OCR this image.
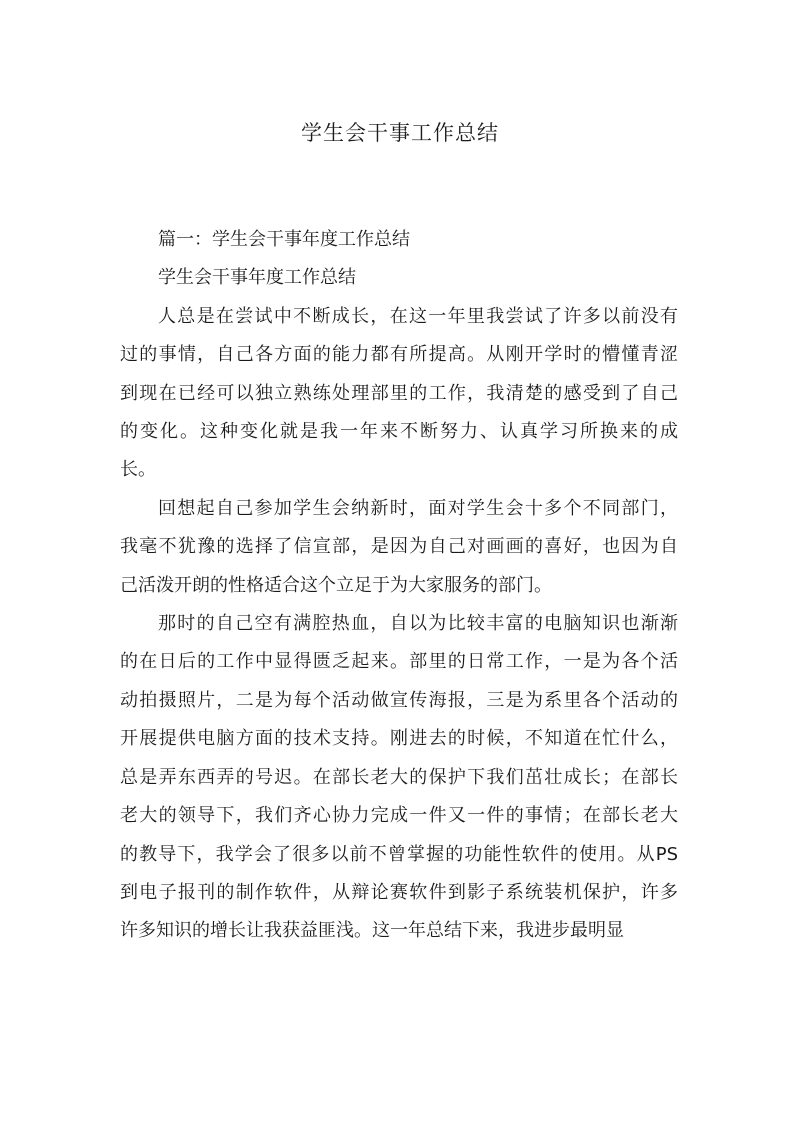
学生会干事工作总结
篇一：学生会干事年度工作总结
学生会干事年度工作总结
人总是在尝试中不断成长，在这一年里我尝试了许多以前没有
过的事情，自己各方面的能力都有所提高。从刚开学时的懵懂青涩
到现在已经可以独立熟练处理部里的工作，我清楚的感受到了自己
的变化。这种变化就是我一年来不断努力、认真学习所换来的成
长。
回想起自己参加学生会纳新时，面对学生会十多个不同部门，
我毫不犹豫的选择了信宣部，是因为自己对画画的喜好，也因为自
己活泼开朗的性格适合这个立足于为大家服务的部门。
那时的自己空有满腔热血，自以为比较丰富的电脑知识也渐渐
的在日后的工作中显得匮乏起来。部里的日常工作，一是为各个活
动拍摄照片，二是为每个活动做宣传海报，三是为系里各个活动的
开展提供电脑方面的技术支持。刚进去的时候，不知道在忙什么，
总是弄东西弄的号迟。在部长老大的保护下我们茁壮成长；在部长
老大的领导下，我们齐心协力完成一件又一件的事情；在部长老大
的教导下，我学会了很多以前不曾掌握的功能性软件的使用。从PS
到电子报刊的制作软件，从辩论赛软件到影子系统装机保护，许多
许多知识的增长让我获益匪浅。这一年总结下来，我进步最明显
